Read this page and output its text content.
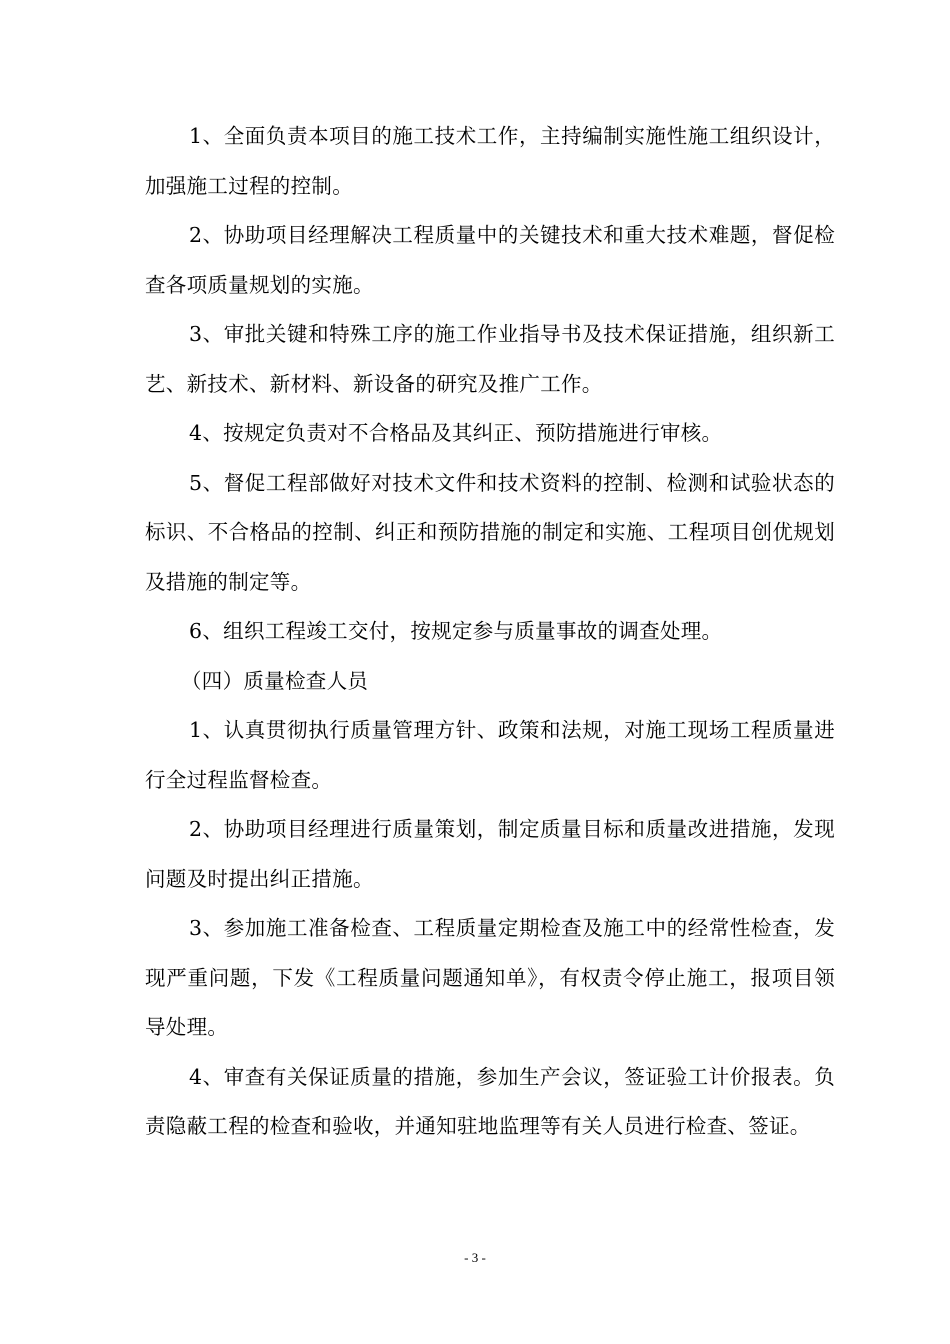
1、全面负责本项目的施工技术工作，主持编制实施性施工组织设计，加强施工过程的控制。

2、协助项目经理解决工程质量中的关键技术和重大技术难题，督促检查各项质量规划的实施。

3、审批关键和特殊工序的施工作业指导书及技术保证措施，组织新工艺、新技术、新材料、新设备的研究及推广工作。

4、按规定负责对不合格品及其纠正、预防措施进行审核。

5、督促工程部做好对技术文件和技术资料的控制、检测和试验状态的标识、不合格品的控制、纠正和预防措施的制定和实施、工程项目创优规划及措施的制定等。

6、组织工程竣工交付，按规定参与质量事故的调查处理。

（四）质量检查人员

1、认真贯彻执行质量管理方针、政策和法规，对施工现场工程质量进行全过程监督检查。

2、协助项目经理进行质量策划，制定质量目标和质量改进措施，发现问题及时提出纠正措施。

3、参加施工准备检查、工程质量定期检查及施工中的经常性检查，发现严重问题，下发《工程质量问题通知单》，有权责令停止施工，报项目领导处理。

4、审查有关保证质量的措施，参加生产会议，签证验工计价报表。负责隐蔽工程的检查和验收，并通知驻地监理等有关人员进行检查、签证。

- 3 -
